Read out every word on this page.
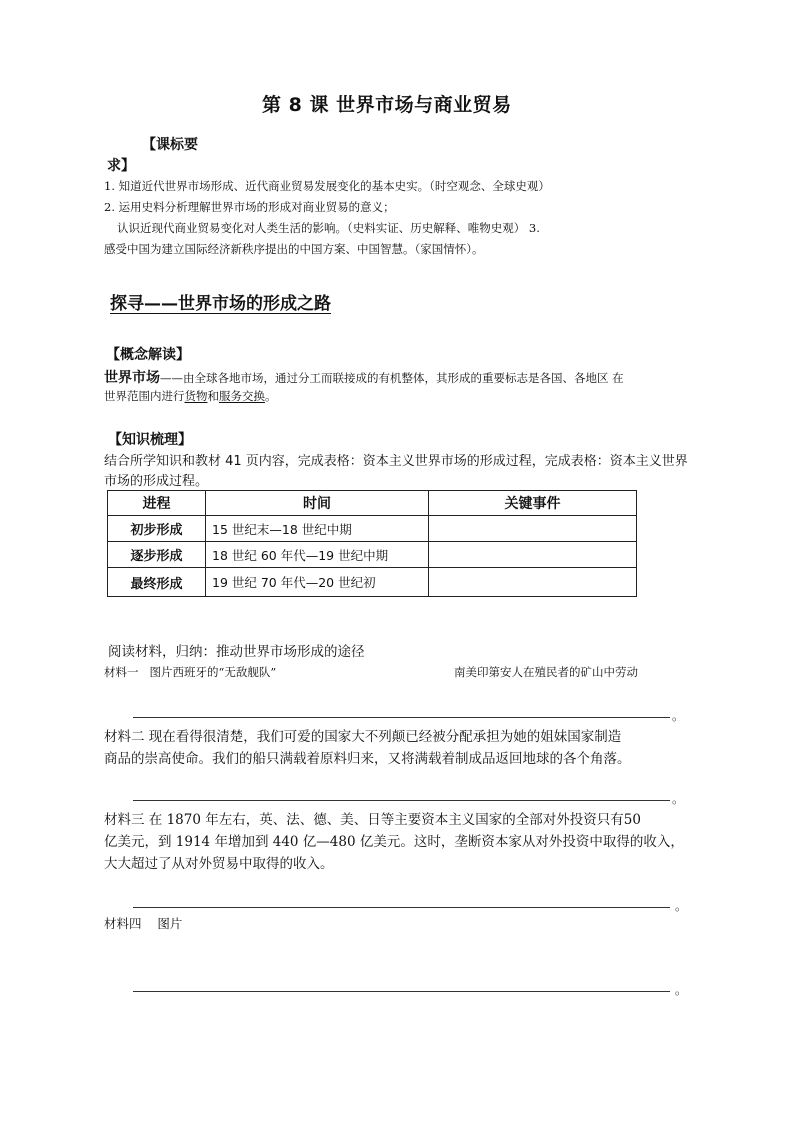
第 8 课 世界市场与商业贸易
【课标要
求】
1. 知道近代世界市场形成、近代商业贸易发展变化的基本史实。（时空观念、全球史观）
2. 运用史料分析理解世界市场的形成对商业贸易的意义；
认识近现代商业贸易变化对人类生活的影响。（史料实证、历史解释、唯物史观） 3.
感受中国为建立国际经济新秩序提出的中国方案、中国智慧。（家国情怀）。
探寻——世界市场的形成之路
【概念解读】
世界市场——由全球各地市场，通过分工而联接成的有机整体，其形成的重要标志是各国、各地区 在
世界范围内进行货物和服务交换。
【知识梳理】
结合所学知识和教材 41 页内容，完成表格：资本主义世界市场的形成过程，完成表格：资本主义世界
市场的形成过程。
进程	时间	关键事件
初步形成	15 世纪末—18 世纪中期	
逐步形成	18 世纪 60 年代—19 世纪中期	
最终形成	19 世纪 70 年代—20 世纪初	
阅读材料，归纳：推动世界市场形成的途径
材料一 图片西班牙的“无敌舰队”	南美印第安人在殖民者的矿山中劳动
。
材料二 现在看得很清楚，我们可爱的国家大不列颠已经被分配承担为她的姐妹国家制造
商品的崇高使命。我们的船只满载着原料归来，又将满载着制成品返回地球的各个角落。
。
材料三 在 1870 年左右，英、法、德、美、日等主要资本主义国家的全部对外投资只有50
亿美元，到 1914 年增加到 440 亿—480 亿美元。这时，垄断资本家从对外投资中取得的收入，
大大超过了从对外贸易中取得的收入。
。
材料四 图片
。
